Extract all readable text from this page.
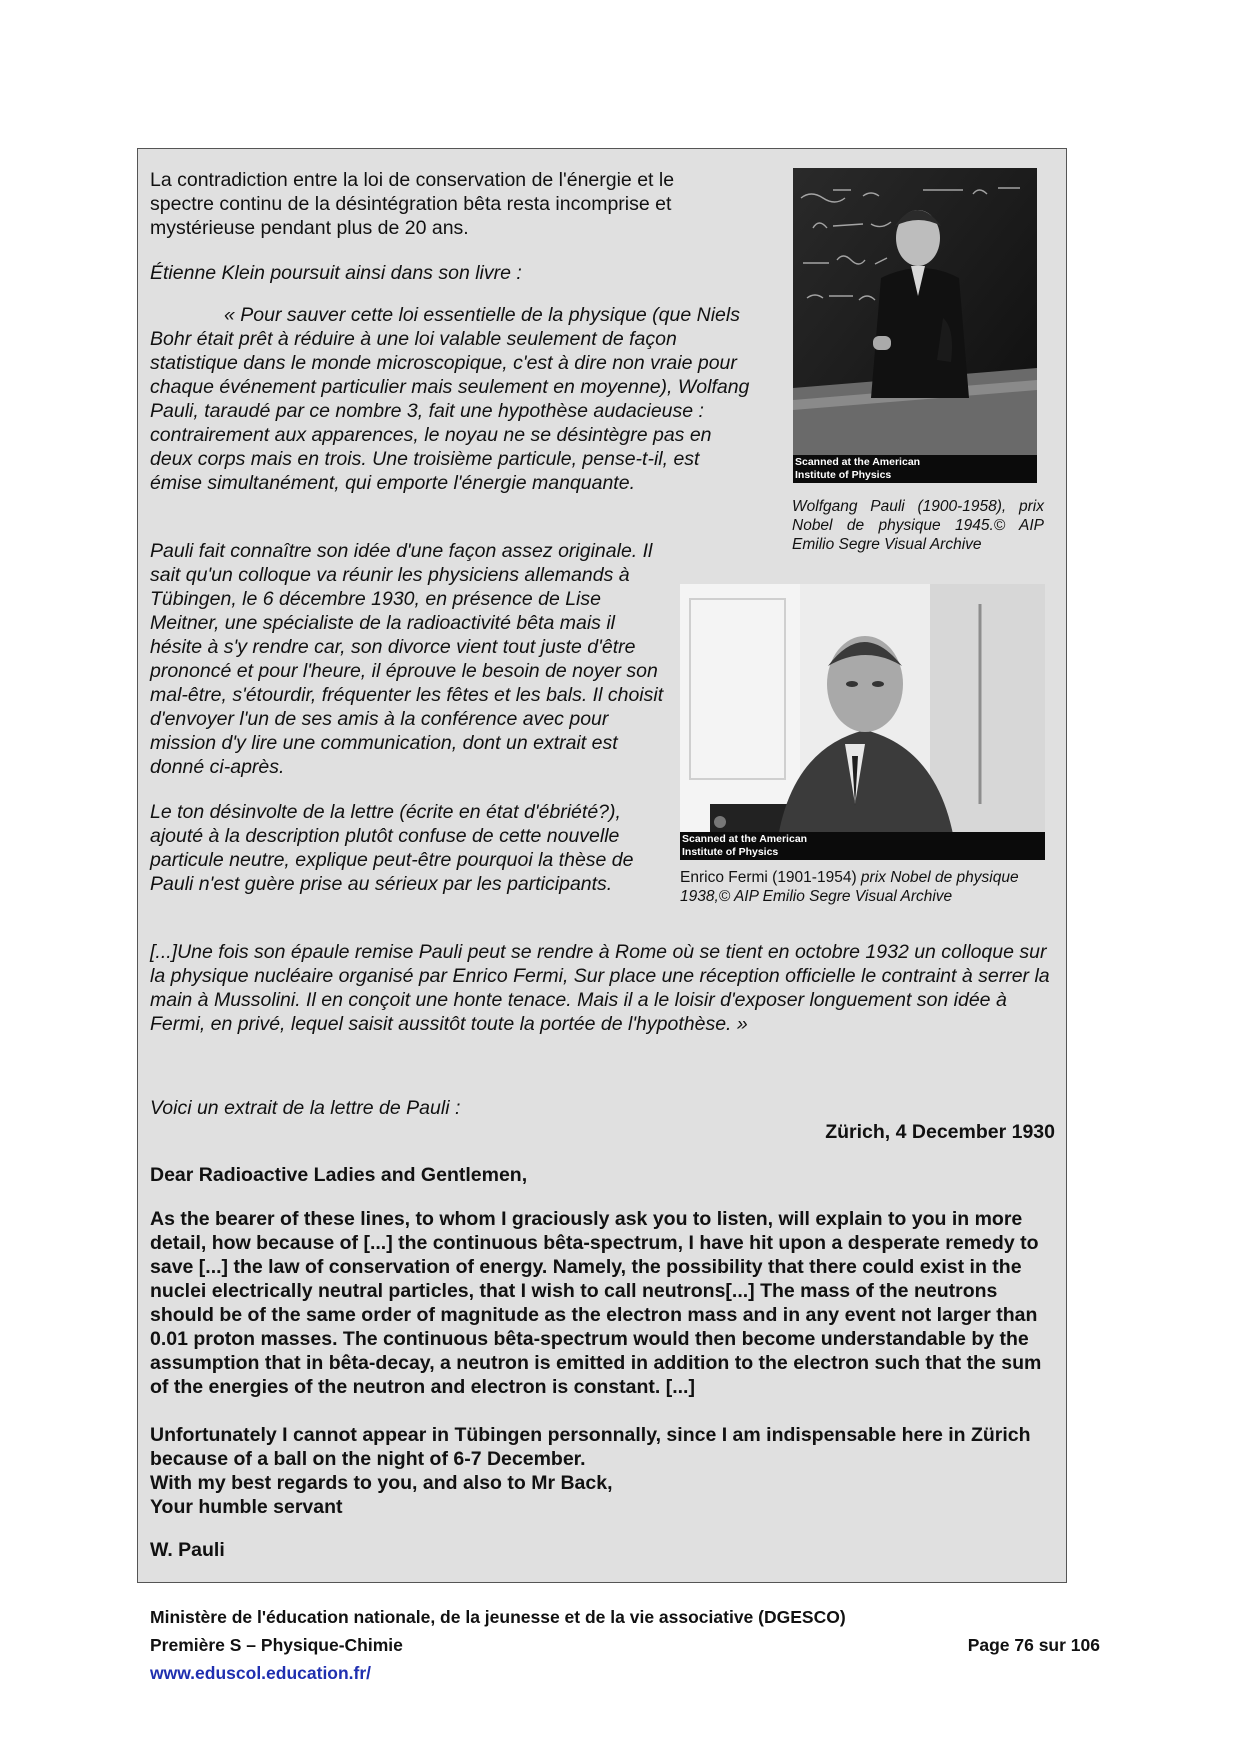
La contradiction entre la loi de conservation de l'énergie et le spectre continu de la désintégration bêta resta incomprise et mystérieuse pendant plus de 20 ans.

Étienne Klein poursuit ainsi dans son livre :

« Pour sauver cette loi essentielle de la physique (que Niels Bohr était prêt à réduire à une loi valable seulement de façon statistique dans le monde microscopique, c'est à dire non vraie pour chaque événement particulier mais seulement en moyenne), Wolfang Pauli, taraudé par ce nombre 3, fait une hypothèse audacieuse : contrairement aux apparences, le noyau ne se désintègre pas en deux corps mais en trois. Une troisième particule, pense-t-il, est émise simultanément, qui emporte l'énergie manquante.

Pauli fait connaître son idée d'une façon assez originale. Il sait qu'un colloque va réunir les physiciens allemands à Tübingen, le 6 décembre 1930, en présence de Lise Meitner, une spécialiste de la radioactivité bêta mais il hésite à s'y rendre car, son divorce vient tout juste d'être prononcé et pour l'heure, il éprouve le besoin de noyer son mal-être, s'étourdir, fréquenter les fêtes et les bals. Il choisit d'envoyer l'un de ses amis à la conférence avec pour mission d'y lire une communication, dont un extrait est donné ci-après.

Le ton désinvolte de la lettre (écrite en état d'ébriété?), ajouté à la description plutôt confuse de cette nouvelle particule neutre, explique peut-être pourquoi la thèse de Pauli n'est guère prise au sérieux par les participants.

[...]Une fois son épaule remise Pauli peut se rendre à Rome où se tient en octobre 1932 un colloque sur la physique nucléaire organisé par Enrico Fermi, Sur place une réception officielle le contraint à serrer la main à Mussolini. Il en conçoit une honte tenace. Mais il a le loisir d'exposer longuement son idée à Fermi, en privé, lequel saisit aussitôt toute la portée de l'hypothèse. »

Scanned at the American
Institute of Physics

Wolfgang Pauli (1900-1958), prix Nobel de physique 1945.© AIP Emilio Segre Visual Archive

Scanned at the American
Institute of Physics

Enrico Fermi (1901-1954) prix Nobel de physique 1938,© AIP Emilio Segre Visual Archive

Voici un extrait de la lettre de Pauli :

Zürich, 4 December 1930

Dear Radioactive Ladies and Gentlemen,

As the bearer of these lines, to whom I graciously ask you to listen, will explain to you in more detail, how because of [...] the continuous bêta-spectrum, I have hit upon a desperate remedy to save [...] the law of conservation of energy. Namely, the possibility that there could exist in the nuclei electrically neutral particles, that I wish to call neutrons[...] The mass of the neutrons should be of the same order of magnitude as the electron mass and in any event not larger than 0.01 proton masses. The continuous bêta-spectrum would then become understandable by the assumption that in bêta-decay, a neutron is emitted in addition to the electron such that the sum of the energies of the neutron and electron is constant. [...]

Unfortunately I cannot appear in Tübingen personnally, since I am indispensable here in Zürich because of a ball on the night of 6-7 December.

With my best regards to you, and also to Mr Back,

Your humble servant

W. Pauli

Ministère de l'éducation nationale, de la jeunesse et de la vie associative (DGESCO)

Première S – Physique-Chimie	Page 76 sur 106

www.eduscol.education.fr/
